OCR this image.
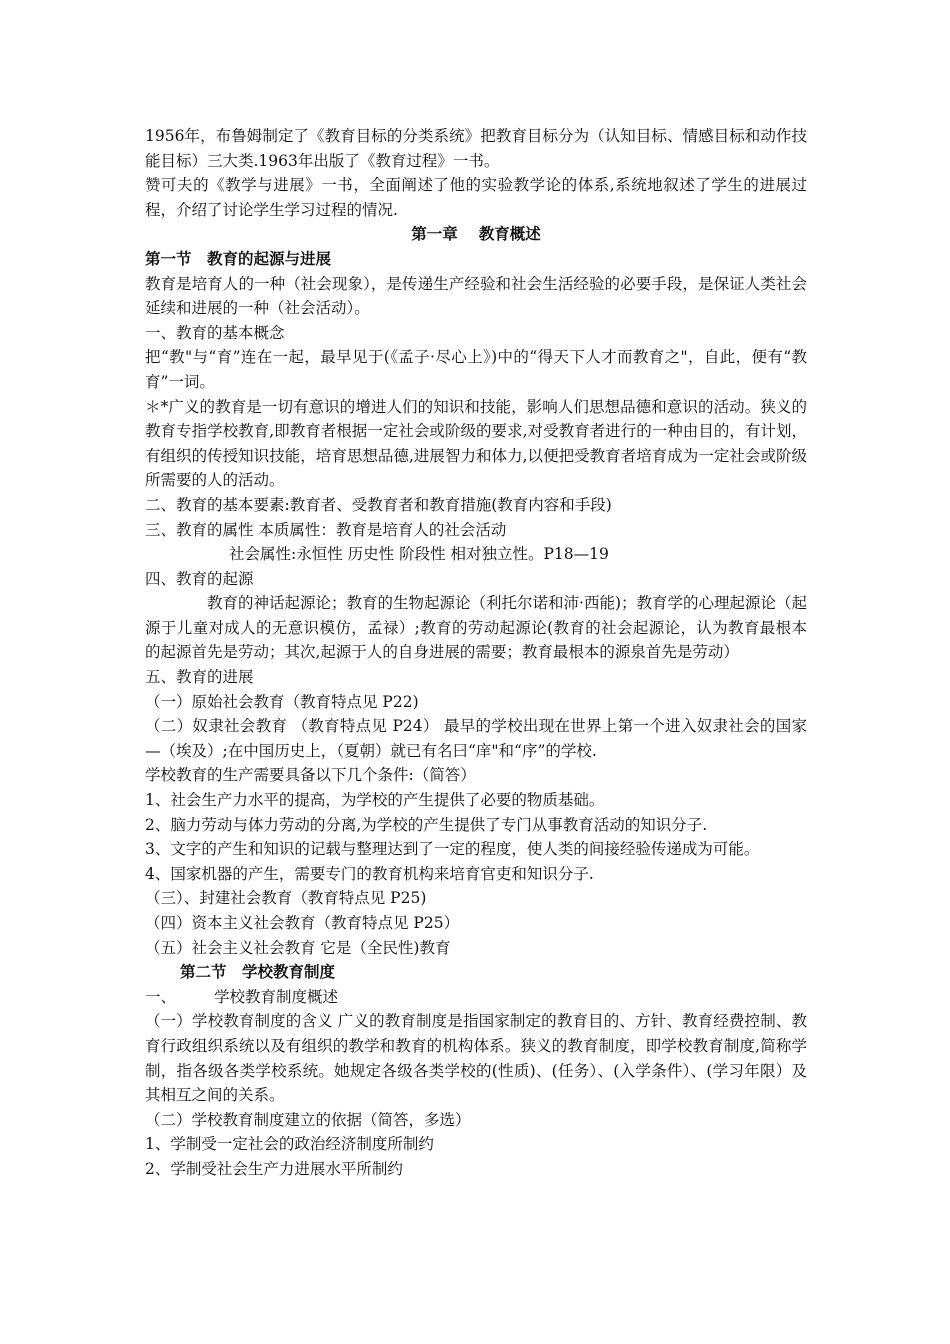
1956年，布鲁姆制定了《教育目标的分类系统》把教育目标分为（认知目标、情感目标和动作技能目标）三大类.1963年出版了《教育过程》一书。

赞可夫的《教学与进展》一书，全面阐述了他的实验教学论的体系,系统地叙述了学生的进展过程，介绍了讨论学生学习过程的情况.

第一章　 教育概述

第一节　教育的起源与进展

教育是培育人的一种（社会现象），是传递生产经验和社会生活经验的必要手段，是保证人类社会延续和进展的一种（社会活动）。

一、教育的基本概念

把“教"与“育”连在一起，最早见于(《孟子·尽心上》)中的“得天下人才而教育之"，自此，便有“教育”一词。

＊*广义的教育是一切有意识的增进人们的知识和技能，影响人们思想品德和意识的活动。狭义的教育专指学校教育,即教育者根据一定社会或阶级的要求,对受教育者进行的一种由目的，有计划，有组织的传授知识技能，培育思想品德,进展智力和体力,以便把受教育者培育成为一定社会或阶级所需要的人的活动。

二、教育的基本要素:教育者、受教育者和教育措施(教育内容和手段)

三、教育的属性 本质属性：教育是培育人的社会活动

社会属性:永恒性 历史性 阶段性 相对独立性。P18—19

四、教育的起源

教育的神话起源论；教育的生物起源论（利托尔诺和沛·西能)；教育学的心理起源论（起源于儿童对成人的无意识模仿，孟禄）;教育的劳动起源论(教育的社会起源论，认为教育最根本的起源首先是劳动；其次,起源于人的自身进展的需要；教育最根本的源泉首先是劳动）

五、教育的进展

（一）原始社会教育（教育特点见 P22)

（二）奴隶社会教育 （教育特点见 P24） 最早的学校出现在世界上第一个进入奴隶社会的国家—（埃及）;在中国历史上，（夏朝）就已有名曰“庠"和“序”的学校.

学校教育的生产需要具备以下几个条件:（简答）

1、社会生产力水平的提高，为学校的产生提供了必要的物质基础。

2、脑力劳动与体力劳动的分离,为学校的产生提供了专门从事教育活动的知识分子.

3、文字的产生和知识的记载与整理达到了一定的程度，使人类的间接经验传递成为可能。

4、国家机器的产生，需要专门的教育机构来培育官吏和知识分子.

（三）、封建社会教育（教育特点见 P25)

（四）资本主义社会教育（教育特点见 P25）

（五）社会主义社会教育 它是（全民性)教育

第二节　学校教育制度

一、 学校教育制度概述

（一）学校教育制度的含义 广义的教育制度是指国家制定的教育目的、方针、教育经费控制、教育行政组织系统以及有组织的教学和教育的机构体系。狭义的教育制度，即学校教育制度,简称学制，指各级各类学校系统。她规定各级各类学校的(性质)、(任务）、(入学条件）、(学习年限）及其相互之间的关系。

（二）学校教育制度建立的依据（简答，多选）

1、学制受一定社会的政治经济制度所制约

2、学制受社会生产力进展水平所制约
